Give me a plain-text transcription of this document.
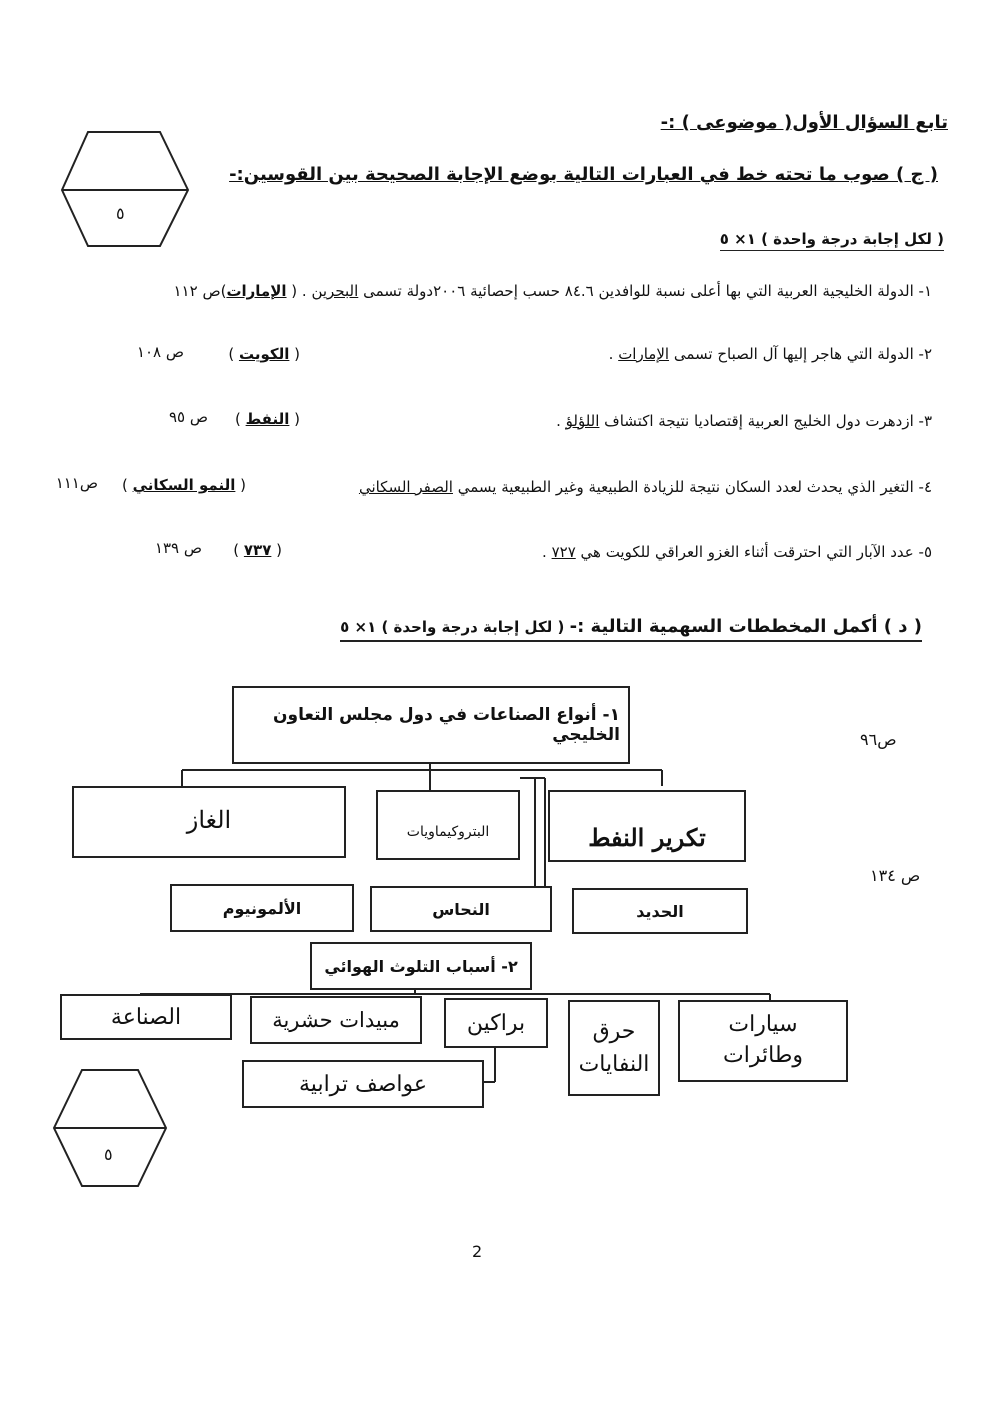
٥
٥
تابع السؤال الأول( موضوعى ) :-
( ج ) صوب ما تحته خط في العبارات التالية بوضع الإجابة الصحيحة بين القوسين:-
( لكل إجابة درجة واحدة ) ١× ٥
١- الدولة الخليجية العربية التي بها أعلى نسبة للوافدين ٨٤.٦ حسب إحصائية ٢٠٠٦دولة تسمى البحرين . ( الإمارات)ص ١١٢
٢- الدولة التي هاجر إليها آل الصباح تسمى الإمارات .
( الكويت )
ص ١٠٨
٣- ازدهرت دول الخليج العربية إقتصاديا نتيجة اكتشاف اللؤلؤ .
( النفط )
ص ٩٥
٤- التغير الذي يحدث لعدد السكان نتيجة للزيادة الطبيعية وغير الطبيعية يسمي الصفر السكاني
( النمو السكاني )
ص١١١
٥- عدد الآبار التي احترقت أثناء الغزو العراقي للكويت هي ٧٢٧ .
( ٧٣٧ )
ص ١٣٩
( د ) أكمل المخططات السهمية التالية :- ( لكل إجابة درجة واحدة ) ١× ٥
١- أنواع الصناعات في دول مجلس التعاون الخليجي	ص٩٦
ص ١٣٤
تكرير النفط
البتروكيماويات
الغاز
الحديد
النحاس
الألمونيوم
٢- أسباب التلوث الهوائي
سيارات
وطائرات
حرق
النفايات
براكين
مبيدات حشرية
الصناعة
عواصف ترابية
2
